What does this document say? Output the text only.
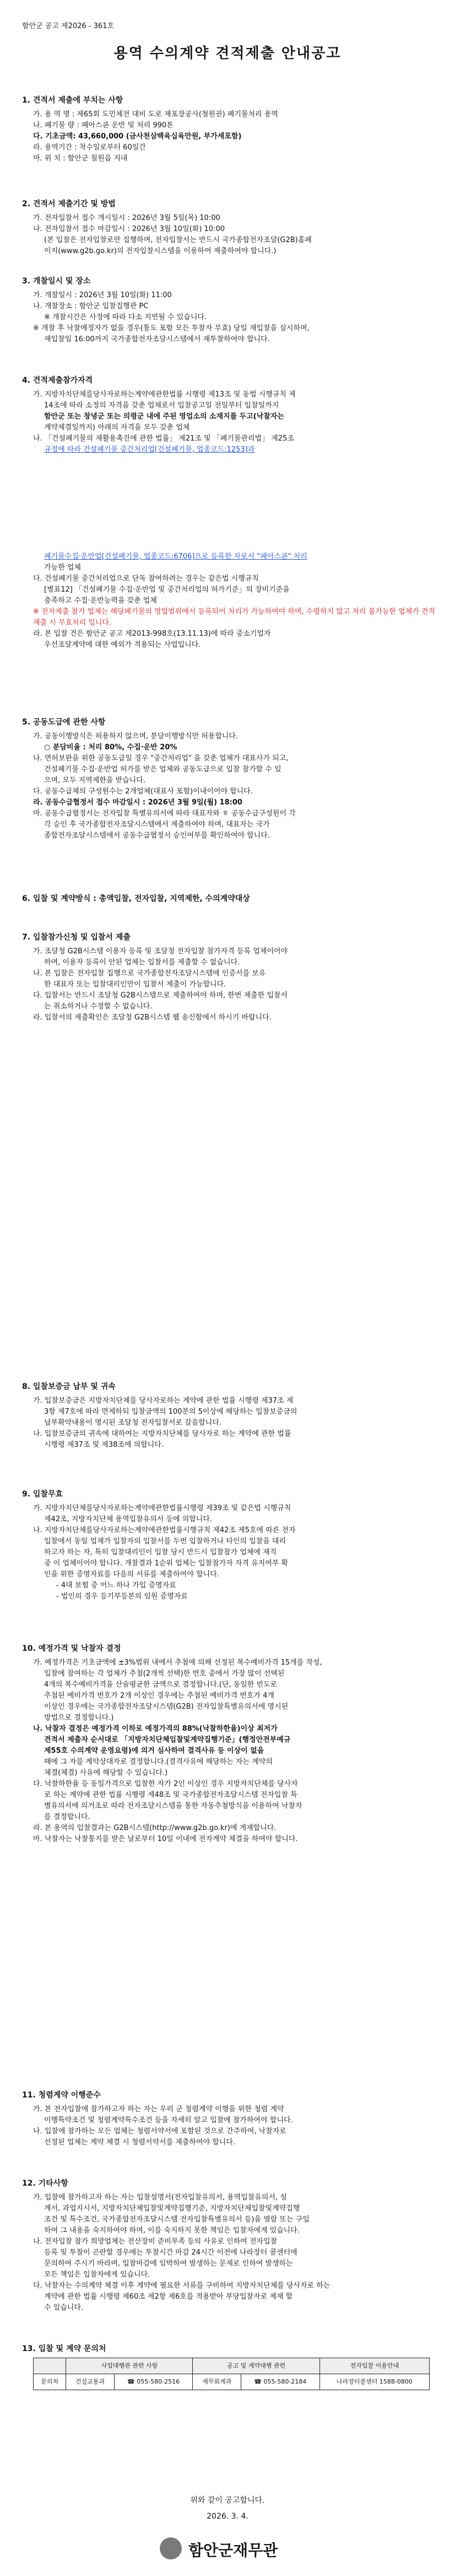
함안군 공고 제2026 - 361호
용역 수의계약 견적제출 안내공고
1. 견적서 제출에 부치는 사항
가. 용 역 명 : 제65회 도민체전 대비 도로 재포장공사(철원권) 폐기물처리 용역
나. 폐기물 량 : 폐아스콘 운반 및 처리 990톤
다. 기초금액: 43,660,000 (금사천삼백육십육만원, 부가세포함)
라. 용역기간 : 착수일로부터 60일간
마. 위 치 : 함안군 칠원읍 지내
2. 견적서 제출기간 및 방법
가. 전자입찰서 접수 개시일시 : 2026년 3월 5일(목) 10:00
나. 전자입찰서 접수 마감일시 : 2026년 3월 10일(화) 10:00
(본 입찰은 전자입찰로만 집행하며, 전자입찰서는 반드시 국가종합전자조달(G2B)홈페
이지(www.g2b.go.kr)의 전자입찰시스템을 이용하여 제출하여야 합니다.)
3. 개찰일시 및 장소
가. 개찰일시 : 2026년 3월 10일(화) 11:00
나. 개찰장소 : 함안군 입찰집행관 PC
※ 개찰시간은 사정에 따라 다소 지연될 수 있습니다.
※ 개찰 후 낙찰예정자가 없을 경우(통도 포함 모든 투찰자 무효) 당일 재입찰을 실시하며,
재입찰일 16:00까지 국가종합전자조달시스템에서 재투찰하여야 합니다.
4. 견적제출참가자격
가. 지방자치단체를당사자로하는계약에관한법률 시행령 제13조 및 동법 시행규칙 제
14조에 따라 소정의 자격을 갖춘 업체로서 입찰공고일 전일부터 입찰일까지
함안군 또는 창녕군 또는 의령군 내에 주된 영업소의 소재지를 두고(낙찰자는
계약체결일까지) 아래의 자격을 모두 갖춘 업체
나. 「건설폐기물의 재활용촉진에 관한 법률」 제21조 및 「폐기물관리법」 제25조
규정에 따라 건설폐기물 중간처리업[건설폐기물, 업종코드:1253]과
폐기물수집·운반업[건설폐기물, 업종코드:6706]으로 등록한 자로서 "폐아스콘" 처리
가능한 업체
다. 건설폐기물 중간처리업으로 단독 참여하려는 경우는 같은법 시행규칙
[별표12] 「건설폐기물 수집·운반업 및 중간처리업의 허가기준」의 장비기준을
충족하고 수집·운반능력을 갖춘 업체
※ 전자제출 참가 업체는 해당폐기물의 영업범위에서 등록되어 처리가 가능하여야 하며, 수령하지 않고 처리 불가능한 업체가 견적제출 시 무효처리 입니다.
라. 본 입찰 건은 함안군 공고 제2013-998호(13.11.13)에 따라 중소기업자
우선조달계약에 대한 예외가 적용되는 사업입니다.
5. 공동도급에 관한 사항
가. 공동이행방식은 허용하지 않으며, 분담이행방식만 허용합니다.
○ 분담비율 : 처리 80%, 수집·운반 20%
나. 면허보완을 위한 공동도급일 경우 "중간처리업" 을 갖춘 업체가 대표사가 되고,
건설폐기물 수집·운반업 허가를 받은 업체와 공동도급으로 입찰 참가할 수 있
으며, 모두 지역제한을 받습니다.
다. 공동수급체의 구성원수는 2개업체(대표사 포함)이내이어야 합니다.
라. 공동수급협정서 접수 마감일시 : 2026년 3월 9일(월) 18:00
마. 공동수급협정서는 전자입찰 특별유의서에 따라 대표자와 ㅎ 공동수급구성원이 각
각 승인 후 국가종합전자조달시스템에서 제출하여야 하며, 대표자는 국가
종합전자조달시스템에서 공동수급협정서 승인여부를 확인하여야 합니다.
6. 입찰 및 계약방식 : 총액입찰, 전자입찰, 지역제한, 수의계약대상
7. 입찰참가신청 및 입찰서 제출
가. 조달청 G2B시스템 이용자 등록 및 조달청 전자입찰 참가자격 등록 업체이어야
하며, 이용자 등록이 안된 업체는 입찰서를 제출할 수 없습니다.
나. 본 입찰은 전자입찰 집행으로 국가종합전자조달시스템에 인증서를 보유
한 대표자 또는 입찰대리인만이 입찰서 제출이 가능합니다.
다. 입찰서는 반드시 조달청 G2B시스템으로 제출하여야 하며, 한번 제출한 입찰서
는 취소하거나 수정할 수 없습니다.
라. 입찰서의 제출확인은 조달청 G2B시스템 웹 송신함에서 하시기 바랍니다.
8. 입찰보증금 납부 및 귀속
가. 입찰보증금은 지방자치단체를 당사자로하는 계약에 관한 법률 시행령 제37조 제
3항 제7호에 따라 면제하되 입찰금액의 100분의 5이상에 해당하는 입찰보증금의
납부확약내용이 명시된 조달청 전자입찰서로 갈음합니다.
나. 입찰보증금의 귀속에 대하여는 지방자치단체를 당사자로 하는 계약에 관한 법률
시행령 제37조 및 제38조에 의합니다.
9. 입찰무효
가. 지방자치단체를당사자로하는계약에관한법률시행령 제39조 및 같은법 시행규칙
제42조, 지방자치단체 용역입찰유의서 등에 의합니다.
나. 지방자치단체를당사자로하는계약에관한법률시행규칙 제42조 제5호에 따른 전자
입찰에서 동일 업체가 입찰자의 입찰서를 두번 입찰하거나 타인의 입찰을 대리
하고자 하는 자, 특히 입찰대리인이 입찰 당시 반드시 입찰참가 업체에 재직
중 이 업체이어야 합니다. 개찰결과 1순위 업체는 입찰참가자 자격 유지여부 확
인을 위한 증명자료를 다음의 서류를 제출하여야 합니다.
- 4대 보험 중 어느 하나 가입 증명자료
- 법인의 경우 등기부등본의 임원 증명자료
10. 예정가격 및 낙찰자 결정
가. 예정가격은 기초금액에 ±3%범위 내에서 추첨에 의해 선정된 복수예비가격 15개를 작성,
입찰에 참여하는 각 업체가 추첨(2개씩 선택)한 번호 중에서 가장 많이 선택된
4개의 복수예비가격을 산술평균한 금액으로 결정합니다.(단, 동일한 빈도로
추첨된 예비가격 번호가 2개 이상인 경우에는 추첨된 예비가격 번호가 4개
이상인 경우에는 국가종합전자조달시스템(G2B) 전자입찰특별유의서에 명시된
방법으로 결정합니다.)
나. 낙찰자 결정은 예정가격 이하로 예정가격의 88%(낙찰하한율)이상 최저가
견적서 제출자 순서대로 「지방자치단체입찰및계약집행기준」(행정안전부예규
제55호 수의계약 운영요령)에 의거 심사하여 결격사유 등 이상이 없을
때에 그 자를 계약상대자로 결정합니다.(결격사유에 해당하는 자는 계약의
체결(체결) 사유에 해당할 수 있습니다.)
다. 낙찰하한율 등 동일가격으로 입찰한 자가 2인 이상인 경우 지방자치단체를 당사자
로 하는 계약에 관한 법률 시행령 제48조 및 국가종합전자조달시스템 전자입찰 특
별유의서에 의거조로 따라 전자조달시스템을 통한 자동추첨방식을 이용하여 낙찰자
를 결정합니다.
라. 본 용역의 입찰결과는 G2B시스템(http://www.g2b.go.kr)에 게재합니다.
마. 낙찰자는 낙찰통지를 받은 날로부터 10일 이내에 전자계약 체결을 하여야 합니다.
11. 청렴계약 이행준수
가. 본 전자입찰에 참가하고자 하는 자는 우리 군 청렴계약 이행을 위한 청렴 계약
이행특약조건 및 청렴계약특수조건 등을 자세히 알고 입찰에 참가하여야 합니다.
나. 입찰에 참가하는 모든 업체는 청렴서약서에 포함된 것으로 간주하여, 낙찰자로
선정된 업체는 계약 체결 시 청렴서약서를 제출하여야 합니다.
12. 기타사항
가. 입찰에 참가하고자 하는 자는 입찰설명서(전자입찰유의서, 용역입찰유의서, 설
계서, 과업지시서, 지방자치단체입찰및계약집행기준, 지방자치단체입찰및계약집행
조건 및 특수조건, 국가종합전자조달시스템 전자입찰특별유의서 등)을 열람 또는 구입
하여 그 내용을 숙지하여야 하며, 이를 숙지하지 못한 책임은 입찰자에게 있습니다.
나. 전자입찰 참가 희망업체는 전산장비 준비부족 등의 사유로 인하여 전자입찰
등록 및 투찰이 곤란할 경우에는 투찰시간 마감 24시간 이전에 나라장터 콜센터에
문의하여 주시기 바라며, 입찰마감에 임박하여 발생하는 문제로 인하여 발생하는
모든 책임은 입찰자에게 있습니다.
다. 낙찰자는 수의계약 체결 이후 계약에 필요한 서류를 구비하여 지방자치단체를 당사자로 하는
계약에 관한 법률 시행령 제60조 제2항 제6호를 적용받아 부당입찰자로 제재 할
수 있습니다.
13. 입찰 및 계약 문의처
	사업대행관 관련 사항		공고 및 계약대행 관련		전자입찰 이용안내
문의처	건설교통과	☎ 055-580-2516	재무회계과	☎ 055-580-2184	나라장터콜센터 1588-0800
위와 같이 공고합니다.
2026. 3. 4.
함안군재무관
